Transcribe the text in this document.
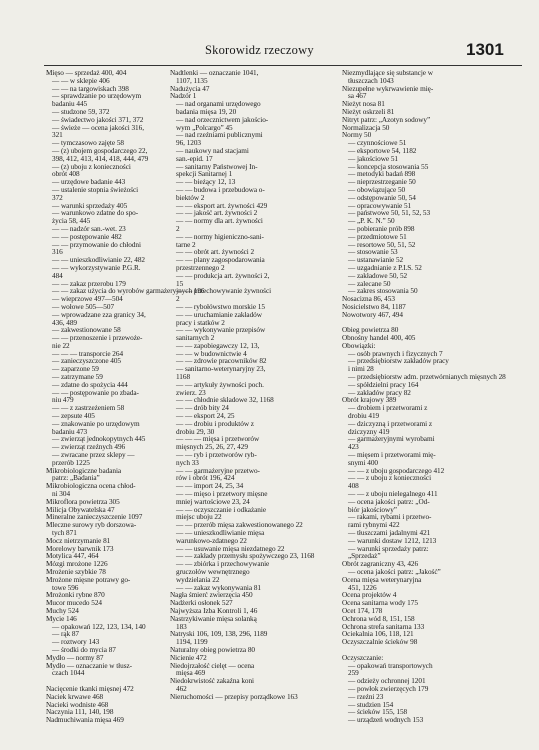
Skorowidz rzeczowy	1301
Mięso — sprzedaż 400, 404
— — w sklepie 406
— — na targowiskach 398
— sprawdzanie po urzędowym
badaniu 445
— studzone 59, 372
— świadectwo jakości 371, 372
— świeże — ocena jakości 316,
321
— tymczasowo zajęte 58
— (z) ubojem gospodarczego 22,
398, 412, 413, 414, 418, 444, 479
— (z) uboju z konieczności
obrót 408
— urzędowe badanie 443
— ustalenie stopnia świeżości
372
— warunki sprzedaży 405
— warunkowo zdatne do spo-
życia 58, 445
— — nadzór san.-wet. 23
— — postępowanie 482
— — przymowanie do chłodni
316
— — unieszkodliwianie 22, 482
— — wykorzystywanie P.G.R.
484
— — zakaz przerobu 179
— — zakaz użycia do wyrobów garmażeryjnych 196
— wieprzowe 497—504
— wołowe 505—507
— wprowadzane zza granicy 34,
436, 489
— zakwestionowane 58
— — przenoszenie i przewoże-
nie 22
— — — transporcie 264
— zanieczyszczone 405
— zaparzone 59
— zatrzymane 59
— zdatne do spożycia 444
— — postępowanie po zbada-
niu 479
— — z zastrzeżeniem 58
— zepsute 405
— znakowanie po urzędowym
badaniu 473
— zwierząt jednokopytnych 445
— zwierząt rzeźnych 496
— zwracane przez sklepy —
przerób 1225
Mikrobiologiczne badania
patrz: „Badania”
Mikrobiologiczna ocena chłod-
ni 304
Mikroflora powietrza 305
Milicja Obywatelska 47
Mineralne zanieczyszczenie 1097
Mleczne surowy ryb dorszowa-
tych 871
Mocz nietrzymanie 81
Morelowy barwnik 173
Motylica 447, 464
Mózgi mrożone 1226
Mrożenie szybkie 78
Mrożone mięsne potrawy go-
towe 596
Mrożonki rybne 870
Mucor mucedo 524
Muchy 524
Mycie 146
— opakowań 122, 123, 134, 140
— rąk 87
— roztwory 143
— środki do mycia 87
Mydło — normy 87
Mydło — oznaczanie w tłusz-
czach 1044
Nacięcenie tkanki mięsnej 472
Naciek krwawe 468
Nacieki wodniste 468
Naczynia 111, 140, 198
Nadmuchiwania mięsa 469
Nadtlenki — oznaczanie 1041,
1107, 1135
Nadużycia 47
Nadzór 1
— nad organami urzędowego
badania mięsa 19, 20
— nad orzecznictwem jakościo-
wym „Polcargo” 45
— nad rzeźniami publicznymi
96, 1203
— naukowy nad stacjami
san.-epid. 17
— sanitarny Państwowej In-
spekcji Sanitarnej 1
— — bieżący 12, 13
— — budowa i przebudowa o-
biektów 2
— — eksport art. żywności 429
— — jakość art. żywności 2
— — normy dla art. żywności
2
— — normy higieniczno-sani-
tarne 2
— — obrót art. żywności 2
— — plany zagospodarowania
przestrzennego 2
— — produkcja art. żywności 2,
15
— — przechowywanie żywności
2
— — rybołówstwo morskie 15
— — uruchamianie zakładów
pracy i statków 2
— — wykonywanie przepisów
sanitarnych 2
— — zapobiegawczy 12, 13,
— — w budownictwie 4
— — zdrowie pracowników 82
— sanitarno-weterynaryjny 23,
1168
— — artykuły żywności poch.
zwierz. 23
— — chłodnie składowe 32, 1168
— — drób bity 24
— — eksport 24, 25
— — drobiu i produktów z
drobiu 29, 30
— — — mięsa i przetworów
mięsnych 25, 26, 27, 429
— — ryb i przetworów ryb-
nych 33
— — garmażeryjne przetwo-
rów i obrót 196, 424
— — import 24, 25, 34
— — mięso i przetwory mięsne
mniej wartościowe 23, 24
— — oczyszczanie i odkażanie
miejsc uboju 22
— — przerób mięsa zakwestionowanego 22
— — unieszkodliwianie mięsa
warunkowo-zdatnego 22
— — usuwanie mięsa niezdatnego 22
— — zakłady przemysłu spożywczego 23, 1168
— — zbiórka i przechowywanie
gruczołów wewnętrznego
wydzielania 22
— — zakaz wykonywania 81
Nagła śmierć zwierzęcia 450
Nadżerki osłonek 527
Najwyższa Izba Kontroli 1, 46
Nastrzykiwanie mięsa solanką
183
Natryski 106, 109, 138, 296, 1189
1194, 1199
Naturalny obieg powietrza 80
Nicienie 472
Niedojrzałość cielęt — ocena
mięsa 469
Niedokrwistość zakaźna koni
462
Nieruchomości — przepisy porządkowe 163
Niezmydlające się substancje w
tłuszczach 1043
Niezupełne wykrwawienie mię-
sa 467
Nieżyt nosa 81
Nieżyt oskrzeli 81
Nitryt patrz: „Azotyn sodowy”
Normalizacja 50
Normy 50
— czynnościowe 51
— eksportowe 54, 1182
— jakościowe 51
— koncepcja stosowania 55
— metodyki badań 898
— nieprzestrzeganie 50
— obowiązujące 50
— odstępowanie 50, 54
— opracowywanie 51
— państwowe 50, 51, 52, 53
— „P. K. N.” 50
— pobieranie prób 898
— przedmiotowe 51
— resortowe 50, 51, 52
— stosowanie 53
— ustanawianie 52
— uzgadnianie z P.I.S. 52
— zakładowe 50, 52
— zalecane 50
— zakres stosowania 50
Nosacizna 86, 453
Nosicielstwo 84, 1187
Nowotwory 467, 494
Obieg powietrza 80
Obnośny handel 400, 405
Obowiązki:
— osób prawnych i fizycznych 7
— przedsiębiorstw zakładów pracy
i nimi 28
— przedsiębiorstw adm. przetwórnianych mięsnych 28
— spółdzielni pracy 164
— zakładów pracy 82
Obrót krajowy 389
— drobiem i przetworami z
drobiu 419
— dziczyzną i przetworami z
dziczyzny 419
— garmażeryjnymi wyrobami
423
— mięsem i przetworami mię-
snymi 400
— — z uboju gospodarczego 412
— — z uboju z konieczności
408
— — z uboju nielegalnego 411
— ocena jakości patrz: „Od-
biór jakościowy”
— rakami, rybami i przetwo-
rami rybnymi 422
— tłuszczami jadalnymi 421
— warunki dostaw 1212, 1213
— warunki sprzedaży patrz:
„Sprzedaż”
Obrót zagraniczny 43, 426
— ocena jakości patrz: „Jakość”
Ocena mięsa weterynaryjna
451, 1226
Ocena projektów 4
Ocena sanitarna wody 175
Ocet 174, 178
Ochrona wód 8, 151, 158
Ochrona strefa sanitarna 133
Ociekalnia 106, 118, 121
Oczyszczalnie ścieków 98
Oczyszczanie:
— opakowań transportowych
259
— odzieży ochronnej 1201
— powłok zwierzęcych 179
— rzeźni 23
— studzien 154
— ścieków 155, 158
— urządzeń wodnych 153
